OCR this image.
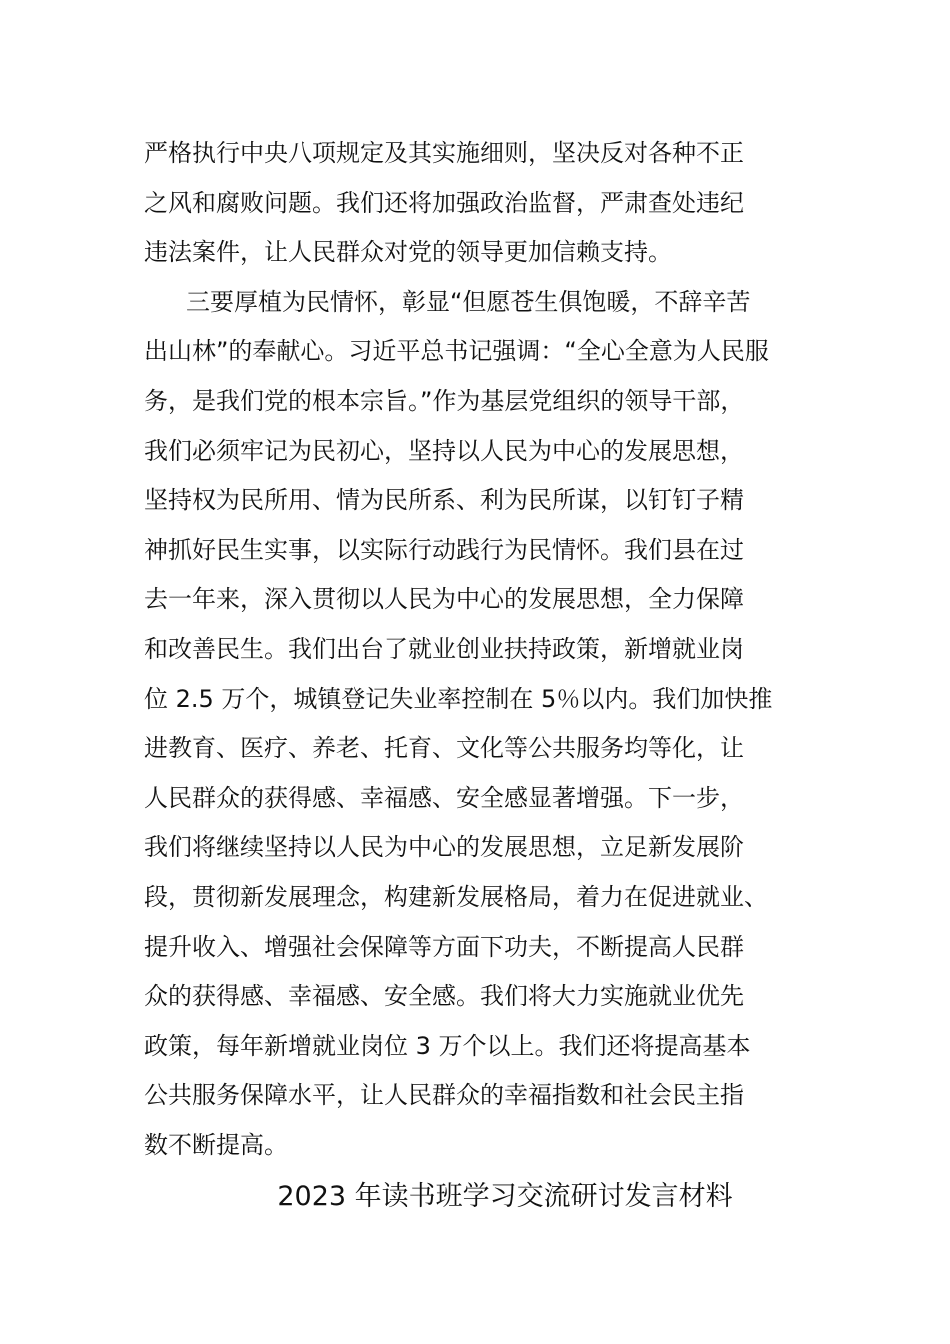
严格执行中央八项规定及其实施细则，坚决反对各种不正
之风和腐败问题。我们还将加强政治监督，严肃查处违纪
违法案件，让人民群众对党的领导更加信赖支持。
三要厚植为民情怀，彰显“但愿苍生俱饱暖，不辞辛苦
出山林”的奉献心。习近平总书记强调：“全心全意为人民服
务，是我们党的根本宗旨。”作为基层党组织的领导干部，
我们必须牢记为民初心，坚持以人民为中心的发展思想，
坚持权为民所用、情为民所系、利为民所谋，以钉钉子精
神抓好民生实事，以实际行动践行为民情怀。我们县在过
去一年来，深入贯彻以人民为中心的发展思想，全力保障
和改善民生。我们出台了就业创业扶持政策，新增就业岗
位 2.5 万个，城镇登记失业率控制在 5％以内。我们加快推
进教育、医疗、养老、托育、文化等公共服务均等化，让
人民群众的获得感、幸福感、安全感显著增强。下一步，
我们将继续坚持以人民为中心的发展思想，立足新发展阶
段，贯彻新发展理念，构建新发展格局，着力在促进就业、
提升收入、增强社会保障等方面下功夫，不断提高人民群
众的获得感、幸福感、安全感。我们将大力实施就业优先
政策，每年新增就业岗位 3 万个以上。我们还将提高基本
公共服务保障水平，让人民群众的幸福指数和社会民主指
数不断提高。
2023 年读书班学习交流研讨发言材料
